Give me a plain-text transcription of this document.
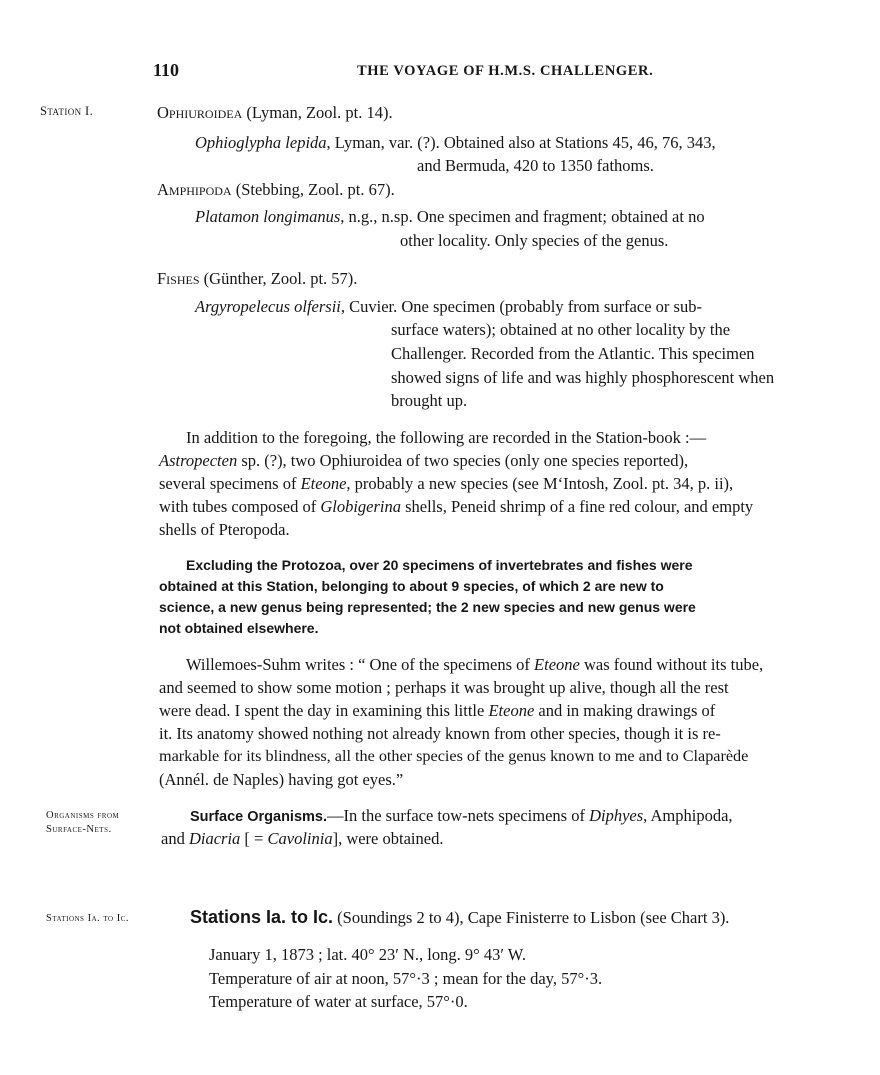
110	THE VOYAGE OF H.M.S. CHALLENGER.
Station I.	Ophiuroidea (Lyman, Zool. pt. 14).
Ophioglypha lepida, Lyman, var. (?). Obtained also at Stations 45, 46, 76, 343,
and Bermuda, 420 to 1350 fathoms.
Amphipoda (Stebbing, Zool. pt. 67).
Platamon longimanus, n.g., n.sp. One specimen and fragment; obtained at no
other locality. Only species of the genus.
Fishes (Günther, Zool. pt. 57).
Argyropelecus olfersii, Cuvier. One specimen (probably from surface or sub-
surface waters); obtained at no other locality by the
Challenger. Recorded from the Atlantic. This specimen
showed signs of life and was highly phosphorescent when
brought up.
In addition to the foregoing, the following are recorded in the Station-book :—
Astropecten sp. (?), two Ophiuroidea of two species (only one species reported),
several specimens of Eteone, probably a new species (see M‘Intosh, Zool. pt. 34, p. ii),
with tubes composed of Globigerina shells, Peneid shrimp of a fine red colour, and empty
shells of Pteropoda.
Excluding the Protozoa, over 20 specimens of invertebrates and fishes were
obtained at this Station, belonging to about 9 species, of which 2 are new to
science, a new genus being represented; the 2 new species and new genus were
not obtained elsewhere.
Willemoes-Suhm writes : “ One of the specimens of Eteone was found without its tube,
and seemed to show some motion ; perhaps it was brought up alive, though all the rest
were dead. I spent the day in examining this little Eteone and in making drawings of
it. Its anatomy showed nothing not already known from other species, though it is re-
markable for its blindness, all the other species of the genus known to me and to Claparède
(Annél. de Naples) having got eyes.”
Organisms from
Surface-Nets.
Surface Organisms.—In the surface tow-nets specimens of Diphyes, Amphipoda,
and Diacria [ = Cavolinia], were obtained.
Stations Ia. to Ic.	Stations Ia. to Ic. (Soundings 2 to 4), Cape Finisterre to Lisbon (see Chart 3).
January 1, 1873 ; lat. 40° 23′ N., long. 9° 43′ W.
Temperature of air at noon, 57°·3 ; mean for the day, 57°·3.
Temperature of water at surface, 57°·0.
